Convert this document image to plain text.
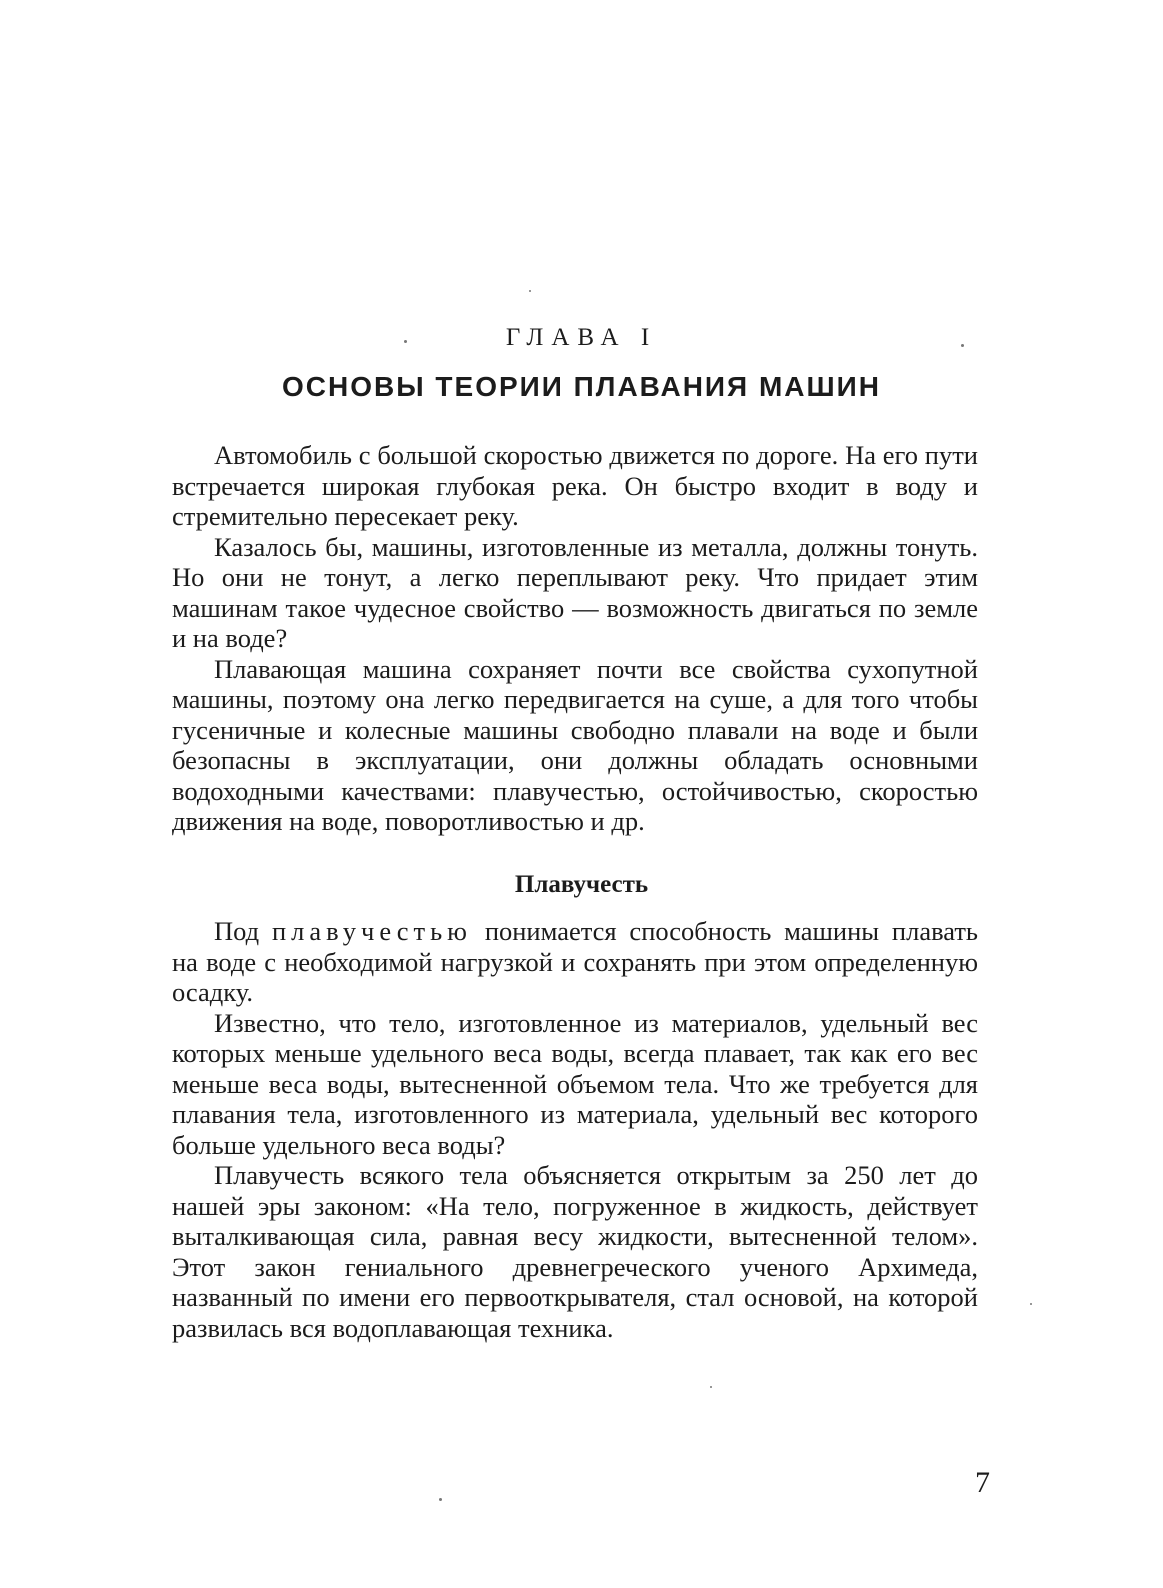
ГЛАВА I
ОСНОВЫ ТЕОРИИ ПЛАВАНИЯ МАШИН

Автомобиль с большой скоростью движется по дороге. На его пути встречается широкая глубокая река. Он быстро входит в воду и стремительно пересекает реку.

Казалось бы, машины, изготовленные из металла, должны тонуть. Но они не тонут, а легко переплывают реку. Что придает этим машинам такое чудесное свойство — возможность двигаться по земле и на воде?

Плавающая машина сохраняет почти все свойства сухопутной машины, поэтому она легко передвигается на суше, а для того чтобы гусеничные и колесные машины свободно плавали на воде и были безопасны в эксплуатации, они должны обладать основными водоходными качествами: плавучестью, остойчивостью, скоростью движения на воде, поворотливостью и др.

Плавучесть

Под плавучестью понимается способность машины плавать на воде с необходимой нагрузкой и сохранять при этом определенную осадку.

Известно, что тело, изготовленное из материалов, удельный вес которых меньше удельного веса воды, всегда плавает, так как его вес меньше веса воды, вытесненной объемом тела. Что же требуется для плавания тела, изготовленного из материала, удельный вес которого больше удельного веса воды?

Плавучесть всякого тела объясняется открытым за 250 лет до нашей эры законом: «На тело, погруженное в жидкость, действует выталкивающая сила, равная весу жидкости, вытесненной телом». Этот закон гениального древнегреческого ученого Архимеда, названный по имени его первооткрывателя, стал основой, на которой развилась вся водоплавающая техника.

7
